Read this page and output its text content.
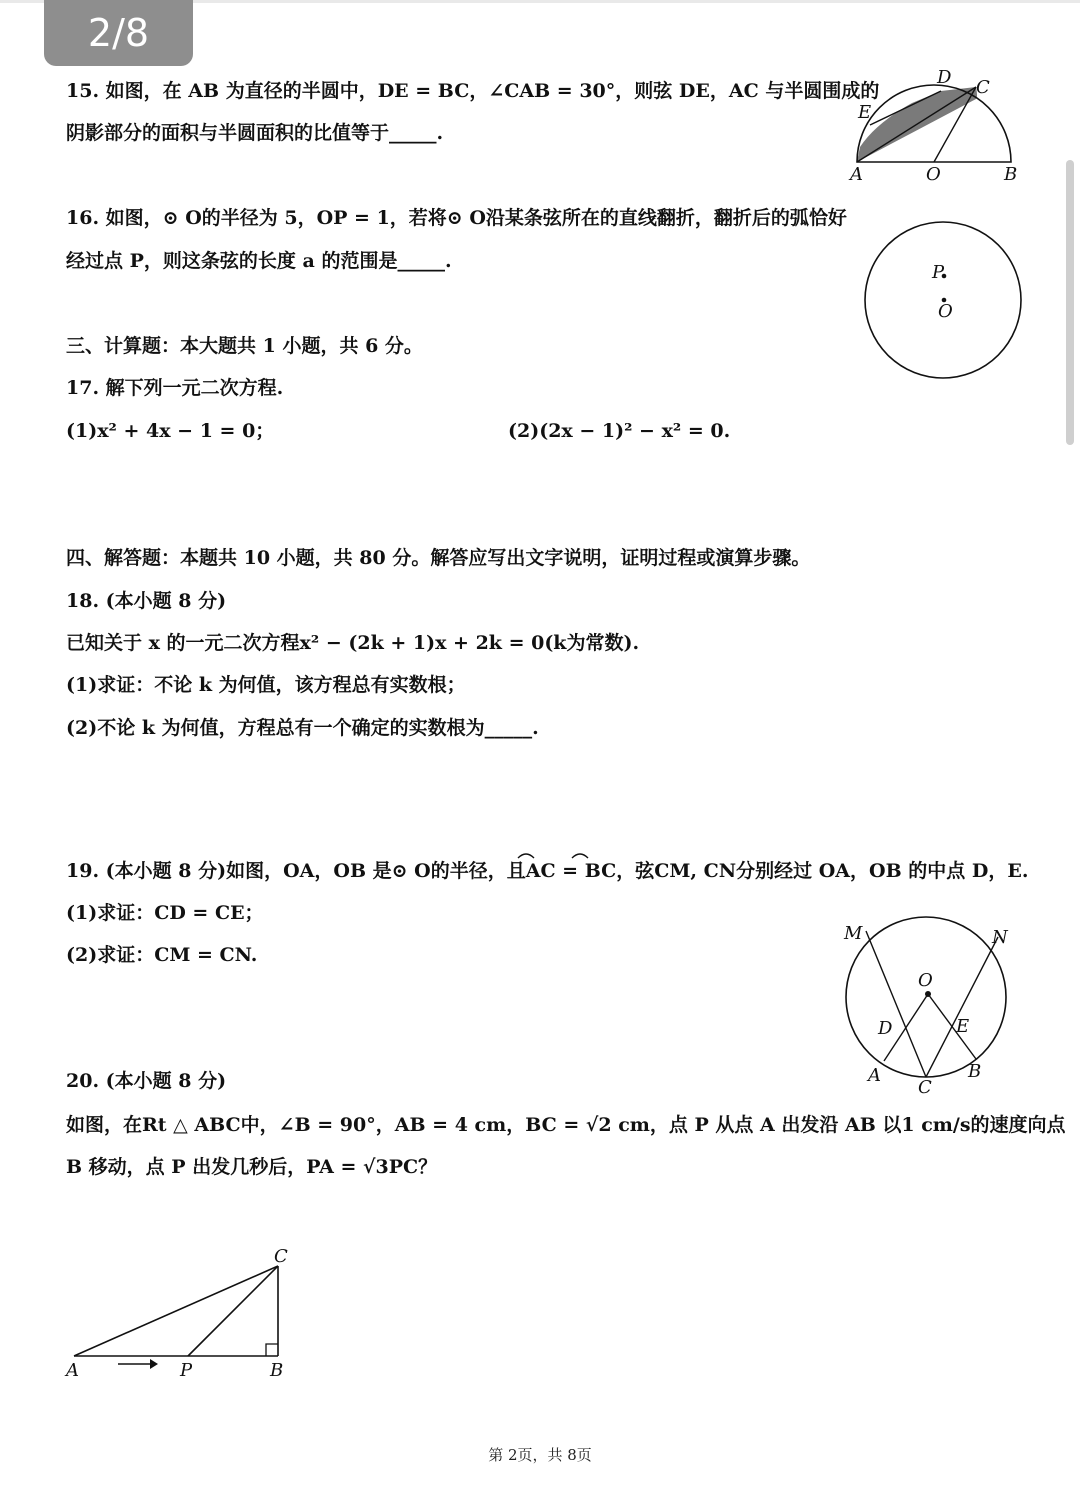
2/8
15. 如图，在 AB 为直径的半圆中，DE = BC，∠CAB = 30°，则弦 DE，AC 与半圆围成的
阴影部分的面积与半圆面积的比值等于_____.
A	O	B
C
D
E
16. 如图，⊙ O的半径为 5，OP = 1，若将⊙ O沿某条弦所在的直线翻折，翻折后的弧恰好
经过点 P，则这条弦的长度 a 的范围是_____.
P
O
三、计算题：本大题共 1 小题，共 6 分。
17. 解下列一元二次方程.
(1)x² + 4x − 1 = 0；	(2)(2x − 1)² − x² = 0.
四、解答题：本题共 10 小题，共 80 分。解答应写出文字说明，证明过程或演算步骤。
18. (本小题 8 分)
已知关于 x 的一元二次方程x² − (2k + 1)x + 2k = 0(k为常数).
(1)求证：不论 k 为何值，该方程总有实数根；
(2)不论 k 为何值，方程总有一个确定的实数根为_____.
19. (本小题 8 分)如图，OA，OB 是⊙ O的半径，且AC = BC，弦CM, CN分别经过 OA，OB 的中点 D，E.
(1)求证：CD = CE；
(2)求证：CM = CN.
M	N
O
D	E
A
C
B
20. (本小题 8 分)
如图，在Rt △ ABC中，∠B = 90°，AB = 4 cm，BC = √2 cm，点 P 从点 A 出发沿 AB 以1 cm/s的速度向点
B 移动，点 P 出发几秒后，PA = √3PC？
A	P	B
C
第 2页，共 8页
